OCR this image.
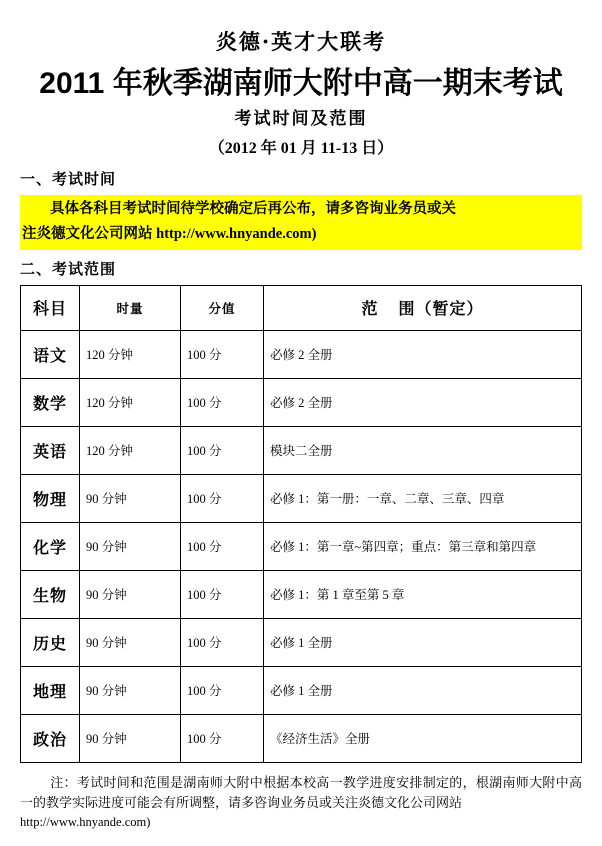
炎德·英才大联考
2011 年秋季湖南师大附中高一期末考试
考试时间及范围
（2012 年 01 月 11-13 日）
一、考试时间
具体各科目考试时间待学校确定后再公布，请多咨询业务员或关
注炎德文化公司网站 http://www.hnyande.com)
二、考试范围
科目	时量	分值	范 围（暂定）
语文	120 分钟	100 分	必修 2 全册
数学	120 分钟	100 分	必修 2 全册
英语	120 分钟	100 分	模块二全册
物理	90 分钟	100 分	必修 1：第一册：一章、二章、三章、四章
化学	90 分钟	100 分	必修 1：第一章~第四章；重点：第三章和第四章
生物	90 分钟	100 分	必修 1：第 1 章至第 5 章
历史	90 分钟	100 分	必修 1 全册
地理	90 分钟	100 分	必修 1 全册
政治	90 分钟	100 分	《经济生活》全册
注：考试时间和范围是湖南师大附中根据本校高一教学进度安排制定的，根湖南师大附中高一的教学实际进度可能会有所调整，请多咨询业务员或关注炎德文化公司网站
http://www.hnyande.com)
